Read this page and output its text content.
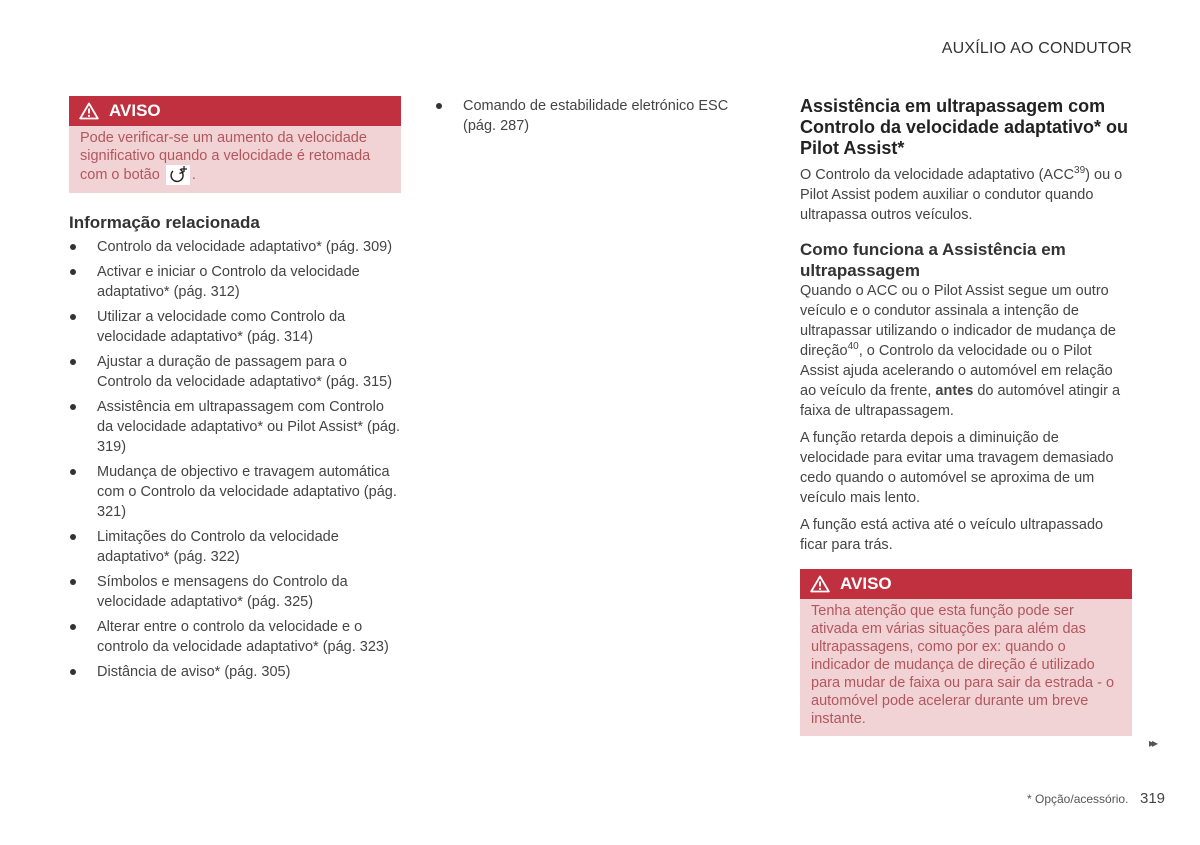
AUXÍLIO AO CONDUTOR
AVISO
Pode verificar-se um aumento da velocidade significativo quando a velocidade é retomada com o botão .
Informação relacionada
Controlo da velocidade adaptativo* (pág. 309)
Activar e iniciar o Controlo da velocidade adaptativo* (pág. 312)
Utilizar a velocidade como Controlo da velocidade adaptativo* (pág. 314)
Ajustar a duração de passagem para o Controlo da velocidade adaptativo* (pág. 315)
Assistência em ultrapassagem com Controlo da velocidade adaptativo* ou Pilot Assist* (pág. 319)
Mudança de objectivo e travagem automática com o Controlo da velocidade adaptativo (pág. 321)
Limitações do Controlo da velocidade adaptativo* (pág. 322)
Símbolos e mensagens do Controlo da velocidade adaptativo* (pág. 325)
Alterar entre o controlo da velocidade e o controlo da velocidade adaptativo* (pág. 323)
Distância de aviso* (pág. 305)
Comando de estabilidade eletrónico ESC (pág. 287)
Assistência em ultrapassagem com Controlo da velocidade adaptativo* ou Pilot Assist*

O Controlo da velocidade adaptativo (ACC$^{39}$) ou o Pilot Assist podem auxiliar o condutor quando ultrapassa outros veículos.

Como funciona a Assistência em ultrapassagem

Quando o ACC ou o Pilot Assist segue um outro veículo e o condutor assinala a intenção de ultrapassar utilizando o indicador de mudança de direção$^{40}$, o Controlo da velocidade ou o Pilot Assist ajuda acelerando o automóvel em relação ao veículo da frente, antes do automóvel atingir a faixa de ultrapassagem.

A função retarda depois a diminuição de velocidade para evitar uma travagem demasiado cedo quando o automóvel se aproxima de um veículo mais lento.

A função está activa até o veículo ultrapassado ficar para trás.

AVISO
Tenha atenção que esta função pode ser ativada em várias situações para além das ultrapassagens, como por ex: quando o indicador de mudança de direção é utilizado para mudar de faixa ou para sair da estrada - o automóvel pode acelerar durante um breve instante.
▸▸
* Opção/acessório. 319
